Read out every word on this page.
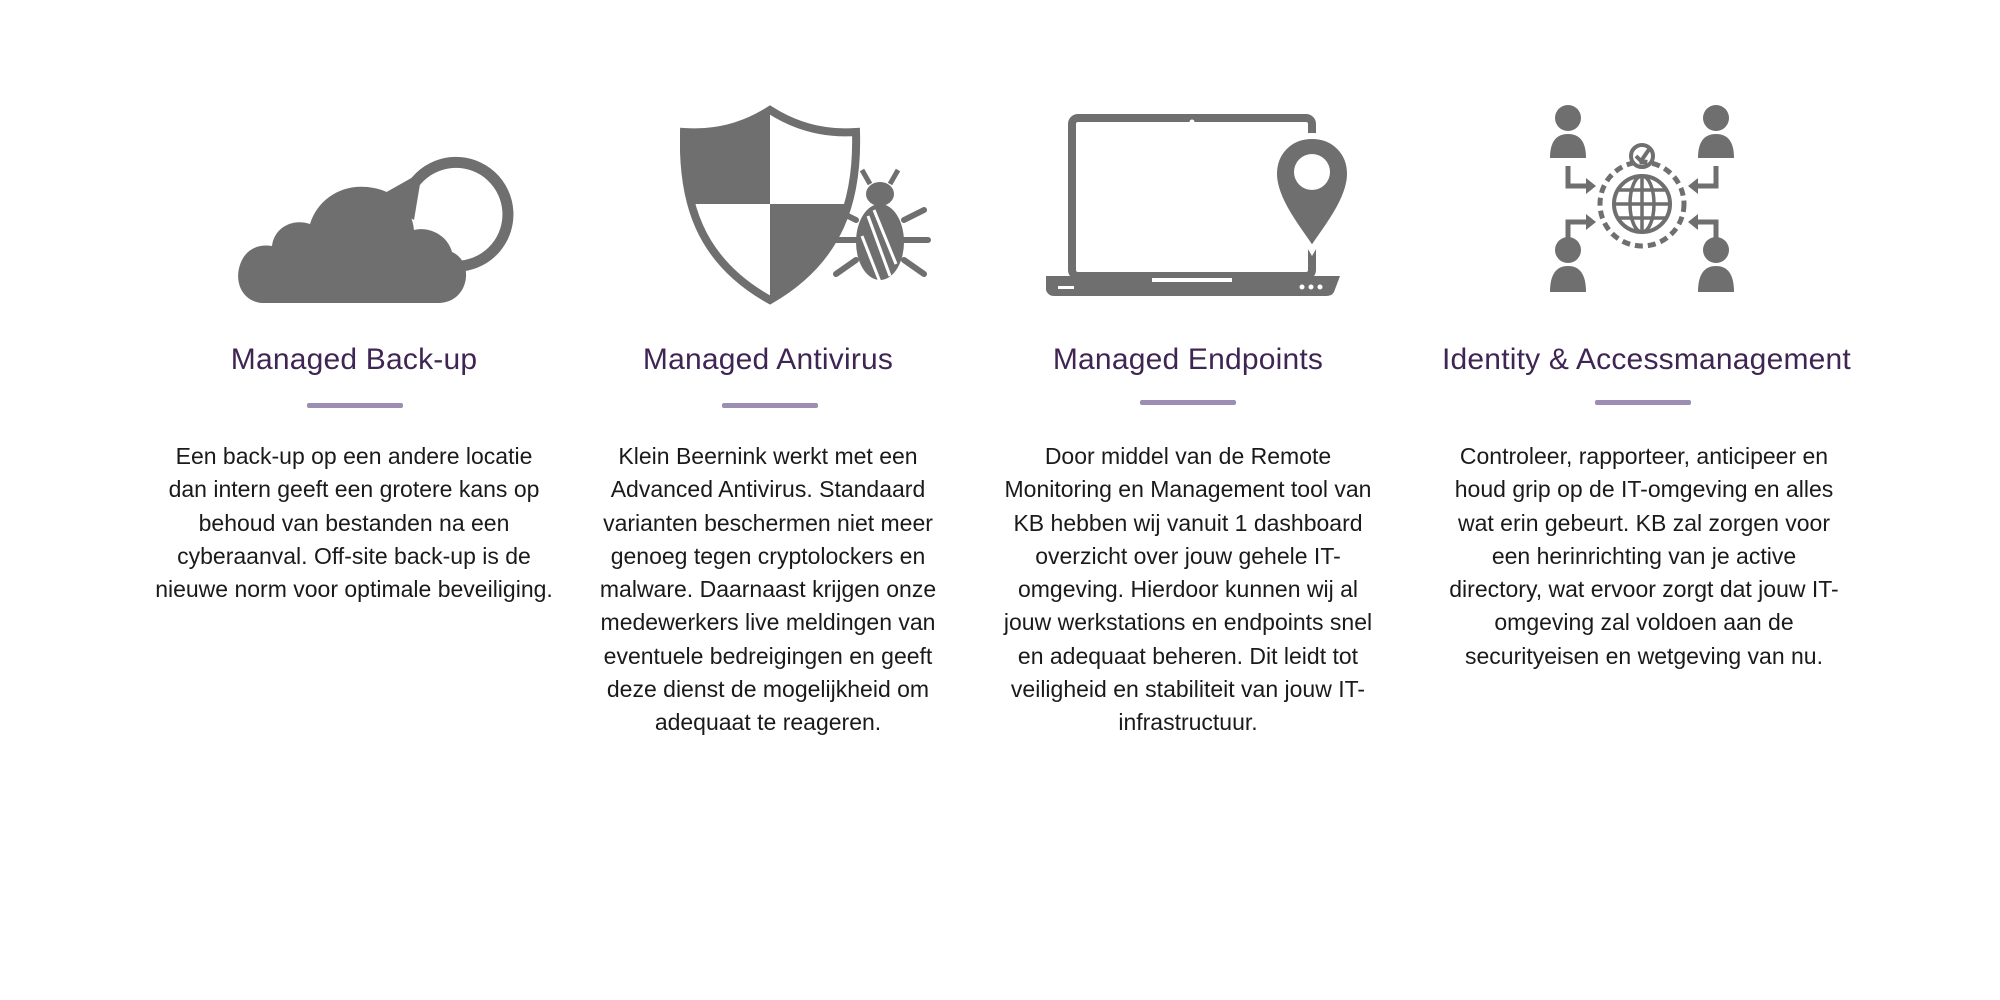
Managed Back-up

Een back-up op een andere locatie dan intern geeft een grotere kans op behoud van bestanden na een cyberaanval. Off-site back-up is de nieuwe norm voor optimale beveiliging.

Managed Antivirus

Klein Beernink werkt met een Advanced Antivirus. Standaard varianten beschermen niet meer genoeg tegen cryptolockers en malware. Daarnaast krijgen onze medewerkers live meldingen van eventuele bedreigingen en geeft deze dienst de mogelijkheid om adequaat te reageren.

Managed Endpoints

Door middel van de Remote Monitoring en Management tool van KB hebben wij vanuit 1 dashboard overzicht over jouw gehele IT-omgeving. Hierdoor kunnen wij al jouw werkstations en endpoints snel en adequaat beheren. Dit leidt tot veiligheid en stabiliteit van jouw IT-infrastructuur.

Identity & Accessmanagement

Controleer, rapporteer, anticipeer en houd grip op de IT-omgeving en alles wat erin gebeurt. KB zal zorgen voor een herinrichting van je active directory, wat ervoor zorgt dat jouw IT-omgeving zal voldoen aan de securityeisen en wetgeving van nu.
